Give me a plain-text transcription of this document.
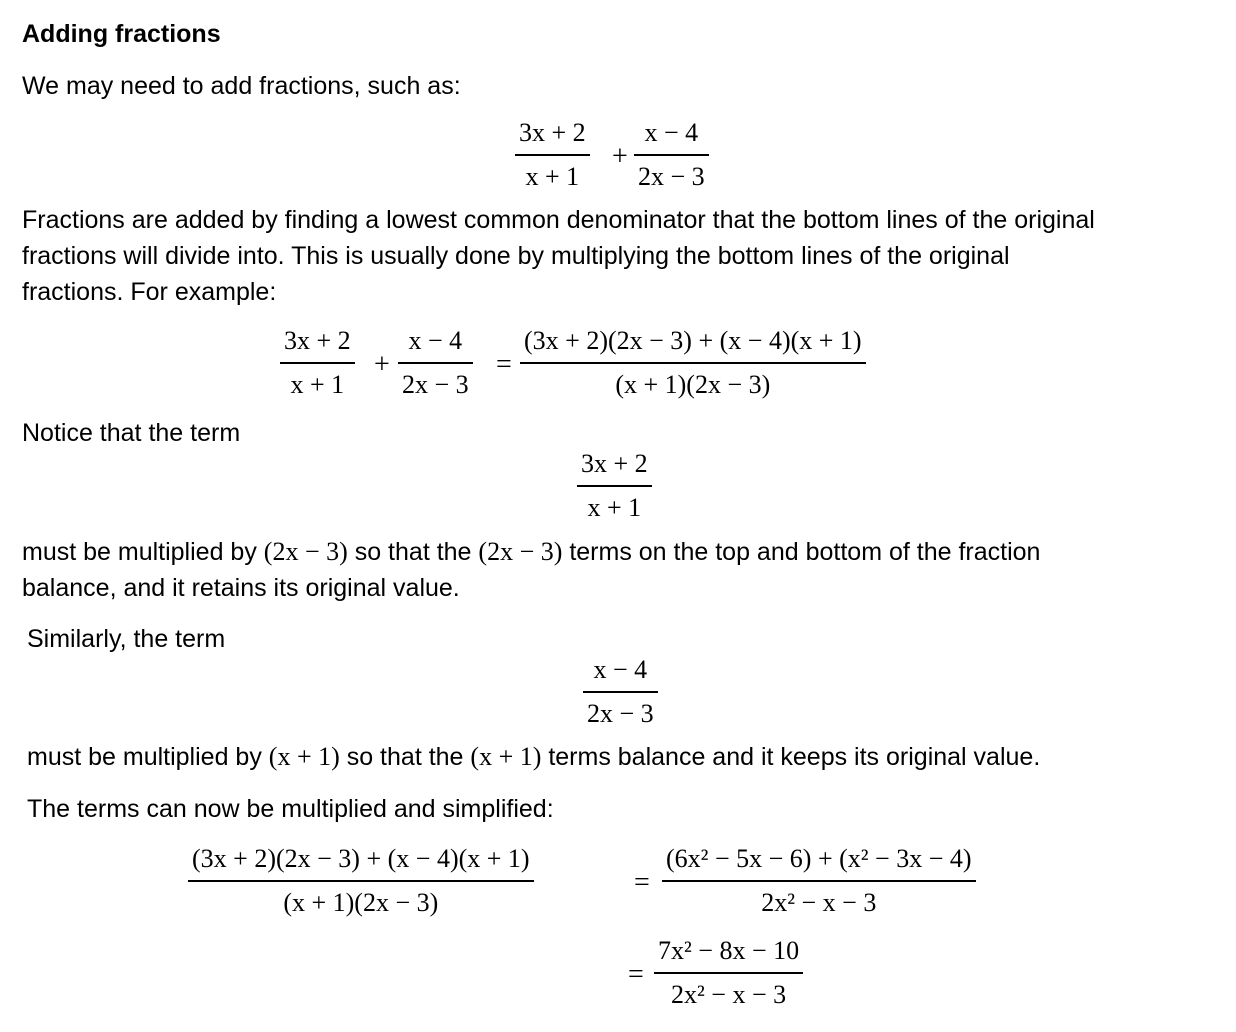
Adding fractions
We may need to add fractions, such as:
3x + 2
x + 1
+
x − 4
2x − 3
Fractions are added by finding a lowest common denominator that the bottom lines of the original
fractions will divide into. This is usually done by multiplying the bottom lines of the original
fractions. For example:
3x + 2
x + 1
+
x − 4
2x − 3
=
(3x + 2)(2x − 3) + (x − 4)(x + 1)
(x + 1)(2x − 3)
Notice that the term
3x + 2
x + 1
must be multiplied by (2x − 3) so that the (2x − 3) terms on the top and bottom of the fraction
balance, and it retains its original value.
Similarly, the term
x − 4
2x − 3
must be multiplied by (x + 1) so that the (x + 1) terms balance and it keeps its original value.
The terms can now be multiplied and simplified:
(3x + 2)(2x − 3) + (x − 4)(x + 1)
(x + 1)(2x − 3)
=
(6x² − 5x − 6) + (x² − 3x − 4)
2x² − x − 3
=
7x² − 8x − 10
2x² − x − 3
